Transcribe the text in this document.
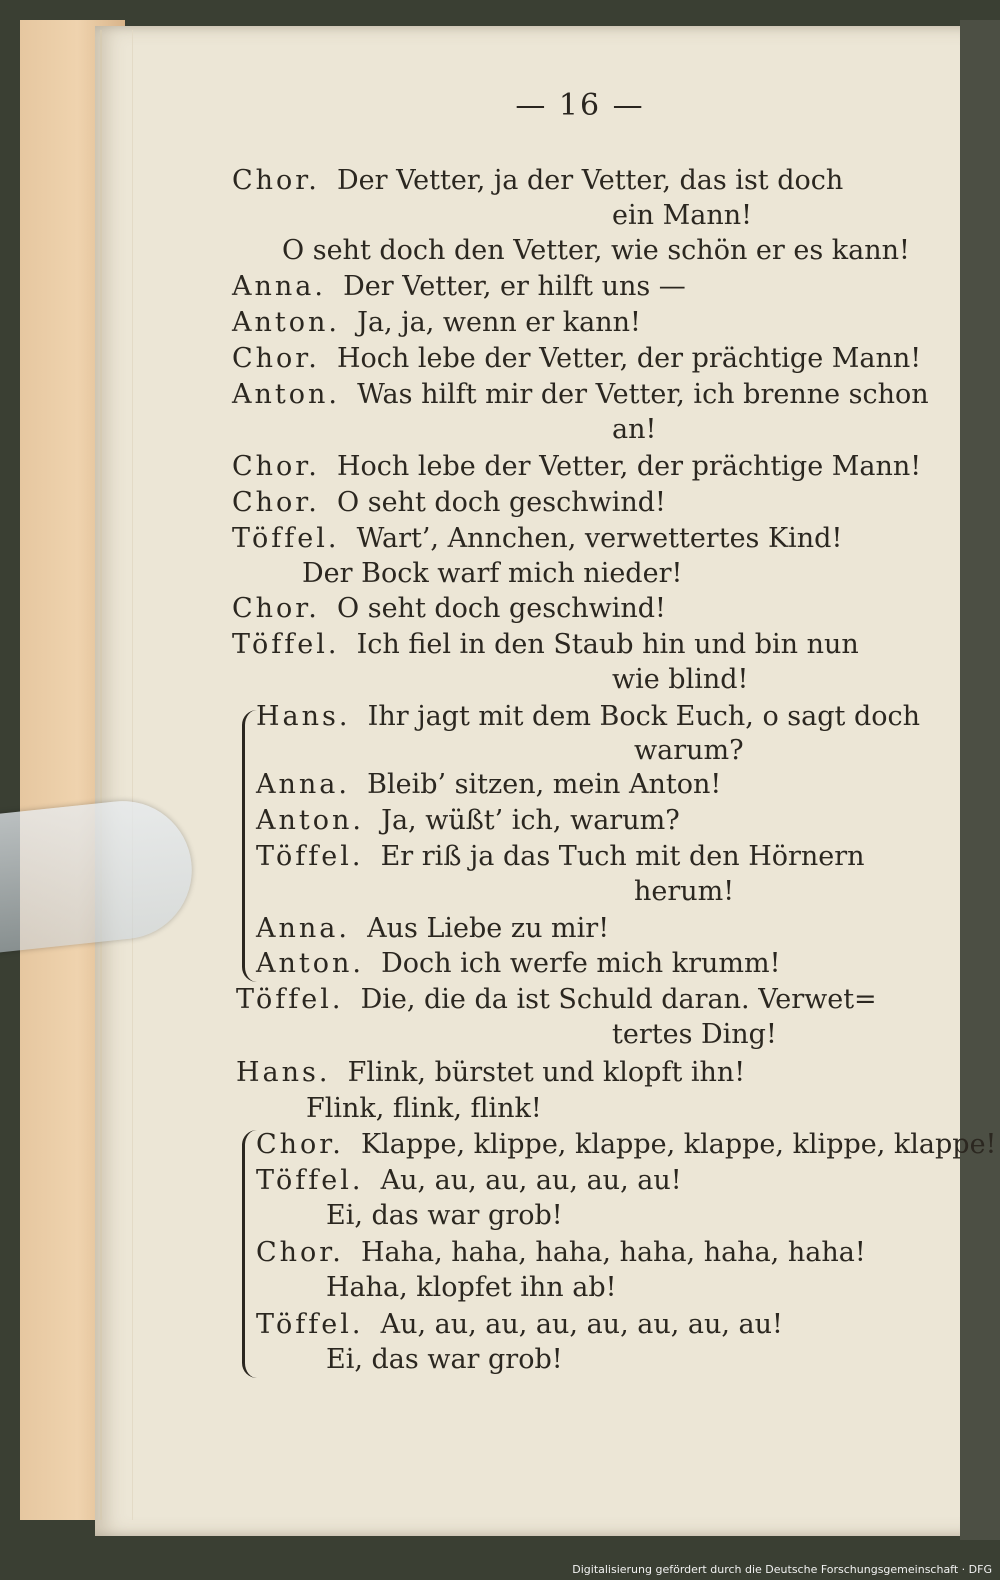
— 16 —
Chor. Der Vetter, ja der Vetter, das ist doch
ein Mann!
O seht doch den Vetter, wie schön er es kann!
Anna. Der Vetter, er hilft uns —
Anton. Ja, ja, wenn er kann!
Chor. Hoch lebe der Vetter, der prächtige Mann!
Anton. Was hilft mir der Vetter, ich brenne schon
an!
Chor. Hoch lebe der Vetter, der prächtige Mann!
Chor. O seht doch geschwind!
Töffel. Wart’, Annchen, verwettertes Kind!
Der Bock warf mich nieder!
Chor. O seht doch geschwind!
Töffel. Ich fiel in den Staub hin und bin nun
wie blind!
Hans. Ihr jagt mit dem Bock Euch, o sagt doch
warum?
Anna. Bleib’ sitzen, mein Anton!
Anton. Ja, wüßt’ ich, warum?
Töffel. Er riß ja das Tuch mit den Hörnern
herum!
Anna. Aus Liebe zu mir!
Anton. Doch ich werfe mich krumm!
Töffel. Die, die da ist Schuld daran. Verwet=
tertes Ding!
Hans. Flink, bürstet und klopft ihn!
Flink, flink, flink!
Chor. Klappe, klippe, klappe, klappe, klippe, klappe!
Töffel. Au, au, au, au, au, au!
Ei, das war grob!
Chor. Haha, haha, haha, haha, haha, haha!
Haha, klopfet ihn ab!
Töffel. Au, au, au, au, au, au, au, au!
Ei, das war grob!
Digitalisierung gefördert durch die Deutsche Forschungsgemeinschaft · DFG
